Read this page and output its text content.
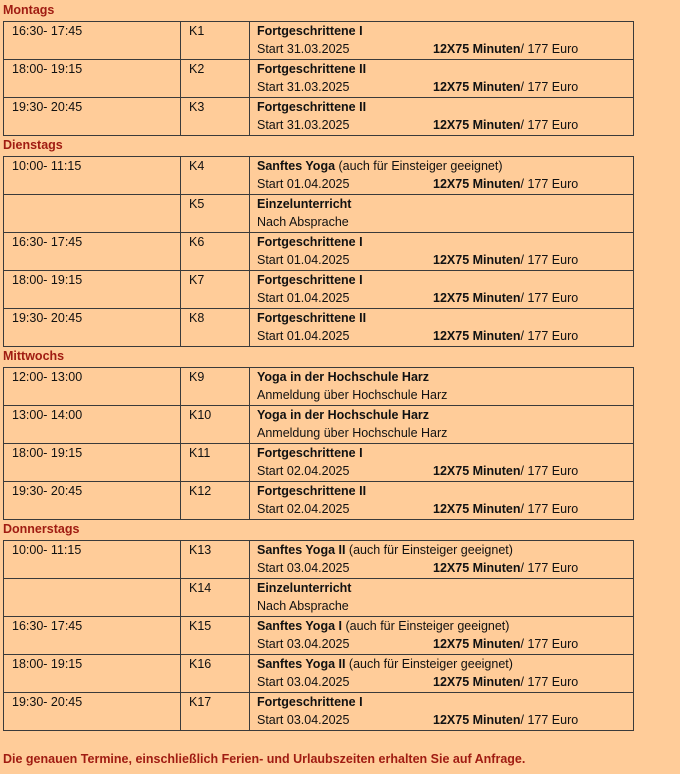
Montags
16:30- 17:45	K1	Fortgeschrittene I
Start 31.03.2025	12X75 Minuten/ 177 Euro
18:00- 19:15	K2	Fortgeschrittene II
Start 31.03.2025	12X75 Minuten/ 177 Euro
19:30- 20:45	K3	Fortgeschrittene II
Start 31.03.2025	12X75 Minuten/ 177 Euro
Dienstags
10:00- 11:15	K4	Sanftes Yoga (auch für Einsteiger geeignet)
Start 01.04.2025	12X75 Minuten/ 177 Euro
K5	Einzelunterricht
Nach Absprache
16:30- 17:45	K6	Fortgeschrittene I
Start 01.04.2025	12X75 Minuten/ 177 Euro
18:00- 19:15	K7	Fortgeschrittene I
Start 01.04.2025	12X75 Minuten/ 177 Euro
19:30- 20:45	K8	Fortgeschrittene II
Start 01.04.2025	12X75 Minuten/ 177 Euro
Mittwochs
12:00- 13:00	K9	Yoga in der Hochschule Harz
Anmeldung über Hochschule Harz
13:00- 14:00	K10	Yoga in der Hochschule Harz
Anmeldung über Hochschule Harz
18:00- 19:15	K11	Fortgeschrittene I
Start 02.04.2025	12X75 Minuten/ 177 Euro
19:30- 20:45	K12	Fortgeschrittene II
Start 02.04.2025	12X75 Minuten/ 177 Euro
Donnerstags
10:00- 11:15	K13	Sanftes Yoga II (auch für Einsteiger geeignet)
Start 03.04.2025	12X75 Minuten/ 177 Euro
K14	Einzelunterricht
Nach Absprache
16:30- 17:45	K15	Sanftes Yoga I (auch für Einsteiger geeignet)
Start 03.04.2025	12X75 Minuten/ 177 Euro
18:00- 19:15	K16	Sanftes Yoga II (auch für Einsteiger geeignet)
Start 03.04.2025	12X75 Minuten/ 177 Euro
19:30- 20:45	K17	Fortgeschrittene I
Start 03.04.2025	12X75 Minuten/ 177 Euro
Die genauen Termine, einschließlich Ferien- und Urlaubszeiten erhalten Sie auf Anfrage.
